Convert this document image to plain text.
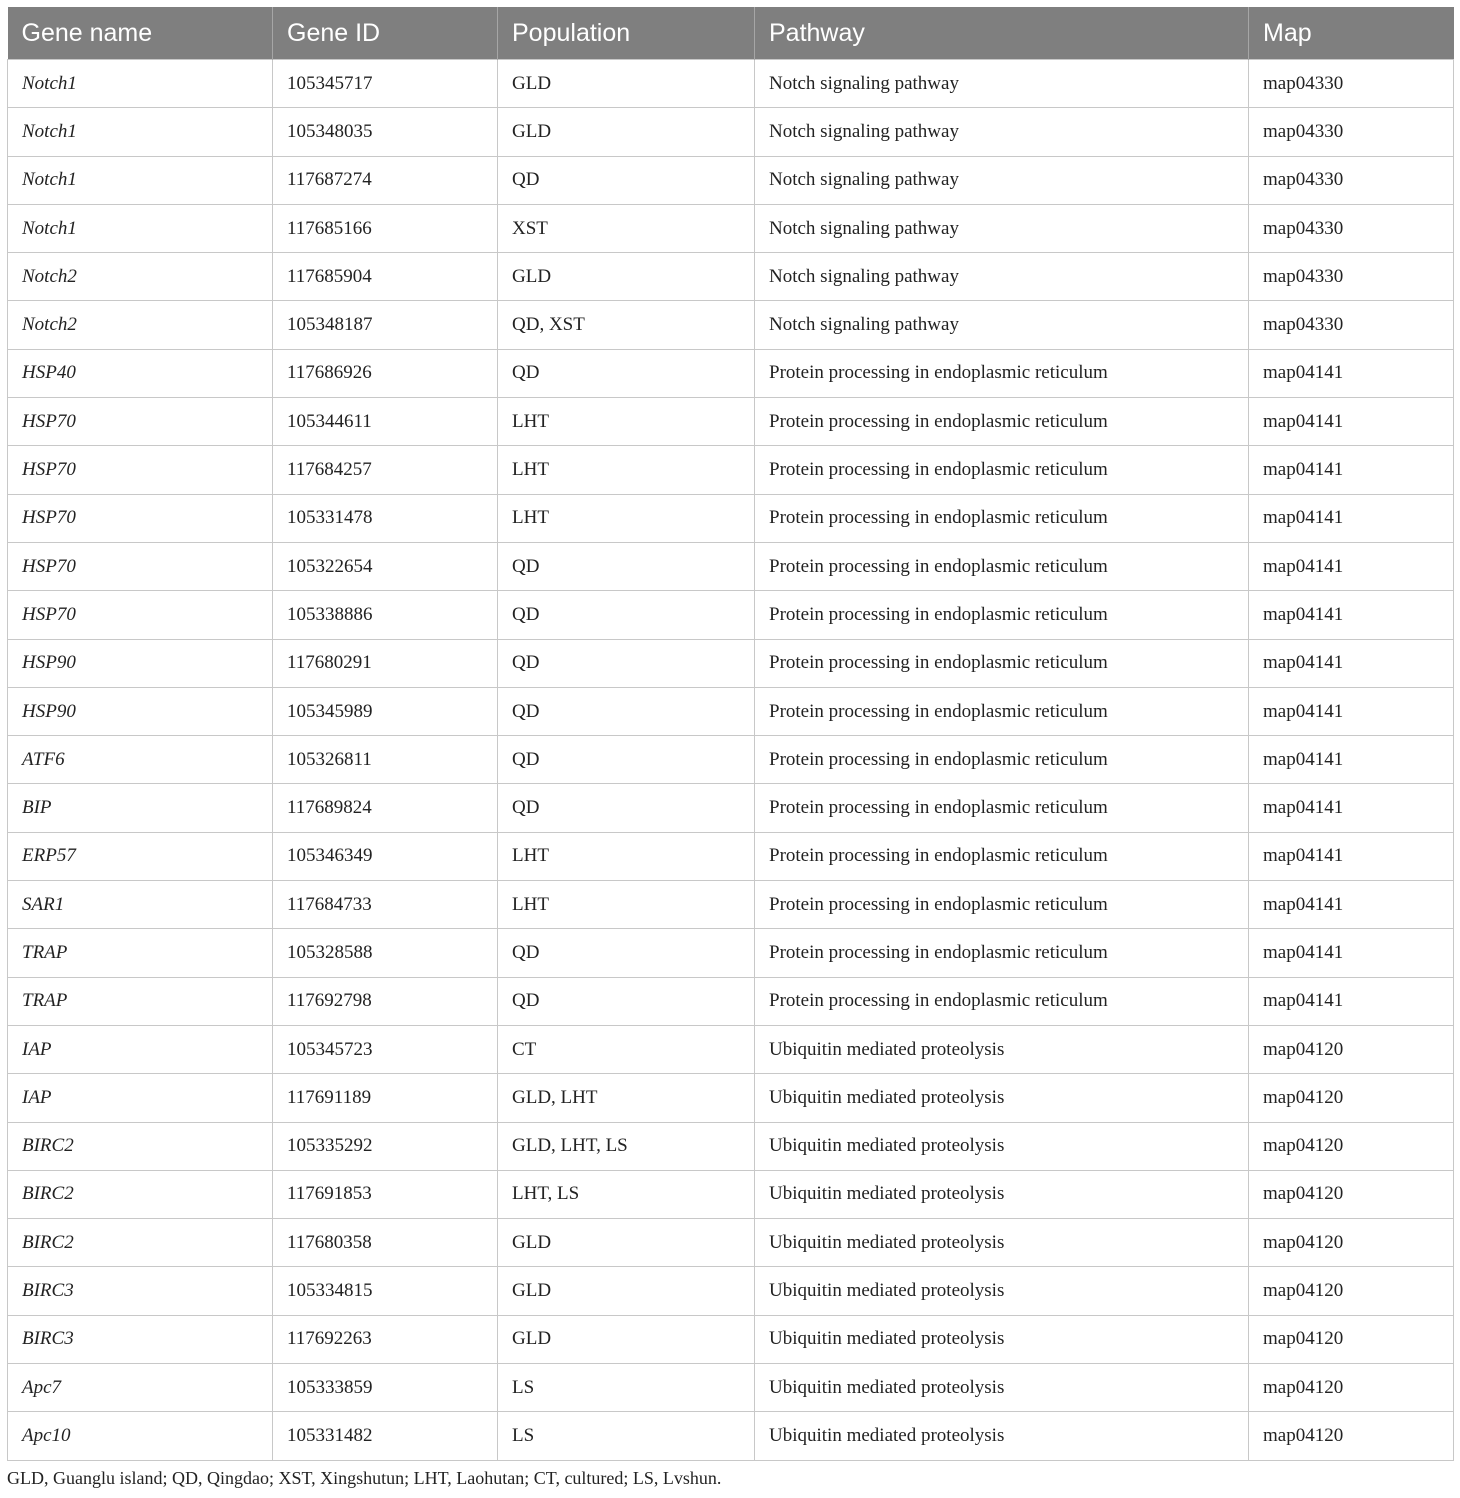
Gene name	Gene ID	Population	Pathway	Map
Notch1	105345717	GLD	Notch signaling pathway	map04330
Notch1	105348035	GLD	Notch signaling pathway	map04330
Notch1	117687274	QD	Notch signaling pathway	map04330
Notch1	117685166	XST	Notch signaling pathway	map04330
Notch2	117685904	GLD	Notch signaling pathway	map04330
Notch2	105348187	QD, XST	Notch signaling pathway	map04330
HSP40	117686926	QD	Protein processing in endoplasmic reticulum	map04141
HSP70	105344611	LHT	Protein processing in endoplasmic reticulum	map04141
HSP70	117684257	LHT	Protein processing in endoplasmic reticulum	map04141
HSP70	105331478	LHT	Protein processing in endoplasmic reticulum	map04141
HSP70	105322654	QD	Protein processing in endoplasmic reticulum	map04141
HSP70	105338886	QD	Protein processing in endoplasmic reticulum	map04141
HSP90	117680291	QD	Protein processing in endoplasmic reticulum	map04141
HSP90	105345989	QD	Protein processing in endoplasmic reticulum	map04141
ATF6	105326811	QD	Protein processing in endoplasmic reticulum	map04141
BIP	117689824	QD	Protein processing in endoplasmic reticulum	map04141
ERP57	105346349	LHT	Protein processing in endoplasmic reticulum	map04141
SAR1	117684733	LHT	Protein processing in endoplasmic reticulum	map04141
TRAP	105328588	QD	Protein processing in endoplasmic reticulum	map04141
TRAP	117692798	QD	Protein processing in endoplasmic reticulum	map04141
IAP	105345723	CT	Ubiquitin mediated proteolysis	map04120
IAP	117691189	GLD, LHT	Ubiquitin mediated proteolysis	map04120
BIRC2	105335292	GLD, LHT, LS	Ubiquitin mediated proteolysis	map04120
BIRC2	117691853	LHT, LS	Ubiquitin mediated proteolysis	map04120
BIRC2	117680358	GLD	Ubiquitin mediated proteolysis	map04120
BIRC3	105334815	GLD	Ubiquitin mediated proteolysis	map04120
BIRC3	117692263	GLD	Ubiquitin mediated proteolysis	map04120
Apc7	105333859	LS	Ubiquitin mediated proteolysis	map04120
Apc10	105331482	LS	Ubiquitin mediated proteolysis	map04120
GLD, Guanglu island; QD, Qingdao; XST, Xingshutun; LHT, Laohutan; CT, cultured; LS, Lvshun.
